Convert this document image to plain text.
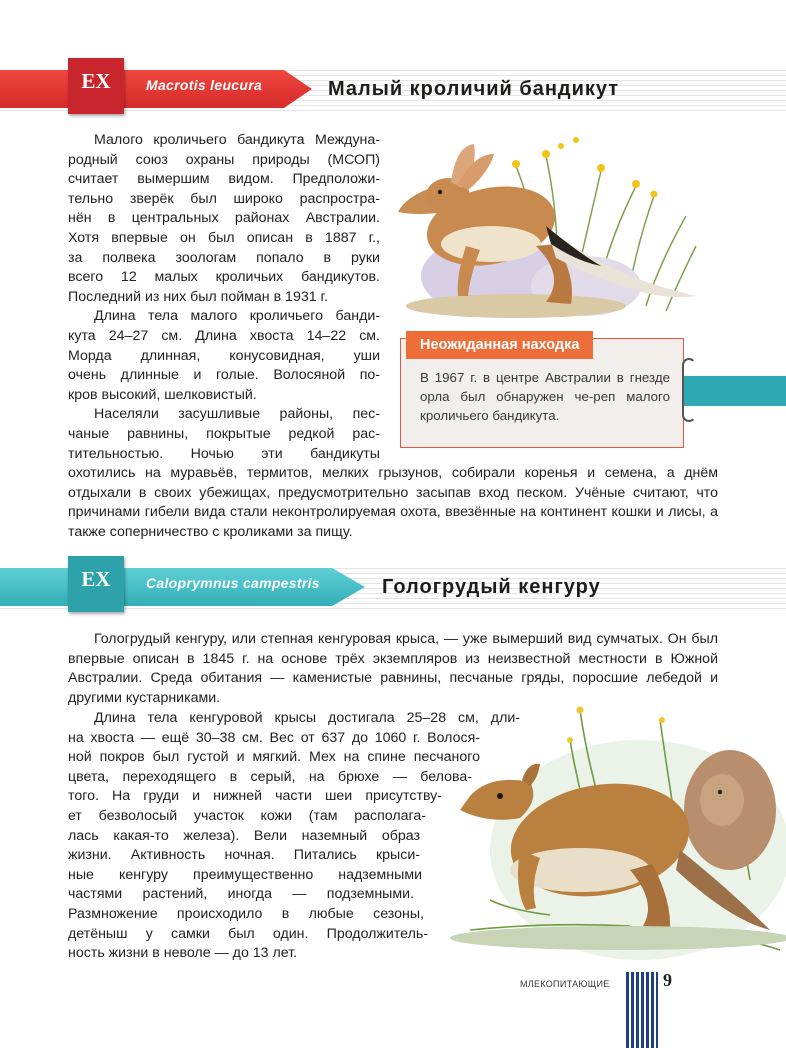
EX	Macrotis leucura	Малый кроличий бандикут
Малого кроличьего бандикута Междуна-
родный союз охраны природы (МСОП)
считает вымершим видом. Предположи-
тельно зверёк был широко распростра-
нён в центральных районах Австралии.
Хотя впервые он был описан в 1887 г.,
за полвека зоологам попало в руки
всего 12 малых кроличьих бандикутов.
Последний из них был пойман в 1931 г.
Длина тела малого кроличьего банди-
кута 24–27 см. Длина хвоста 14–22 см.
Морда длинная, конусовидная, уши
очень длинные и голые. Волосяной по-
кров высокий, шелковистый.
Населяли засушливые районы, пес-
чаные равнины, покрытые редкой рас-
тительностью. Ночью эти бандикуты
охотились на муравьёв, термитов, мелких грызунов, собирали коренья и семена, а днём отдыхали в своих убежищах, предусмотрительно засыпав вход песком. Учёные считают, что причинами гибели вида стали неконтролируемая охота, ввезённые на континент кошки и лисы, а также соперничество с кроликами за пищу.
Неожиданная находка

В 1967 г. в центре Австралии в гнезде орла был обнаружен че-реп малого кроличьего бандикута.

EX	Caloprymnus campestris	Гологрудый кенгуру

Гологрудый кенгуру, или степная кенгуровая крыса, — уже вымерший вид сумчатых. Он был впервые описан в 1845 г. на основе трёх экземпляров из неизвестной местности в Южной Австралии. Среда обитания — каменистые равнины, песчаные гряды, поросшие лебедой и другими кустарниками.

Длина тела кенгуровой крысы достигала 25–28 см, дли-
на хвоста — ещё 30–38 см. Вес от 637 до 1060 г. Волося-
ной покров был густой и мягкий. Мех на спине песчаного
цвета, переходящего в серый, на брюхе — белова-
того. На груди и нижней части шеи присутству-
ет безволосый участок кожи (там располага-
лась какая-то железа). Вели наземный образ
жизни. Активность ночная. Питались крыси-
ные кенгуру преимущественно надземными
частями растений, иногда — подземными.
Размножение происходило в любые сезоны,
детёныш у самки был один. Продолжитель-
ность жизни в неволе — до 13 лет.
МЛЕКОПИТАЮЩИЕ	9
